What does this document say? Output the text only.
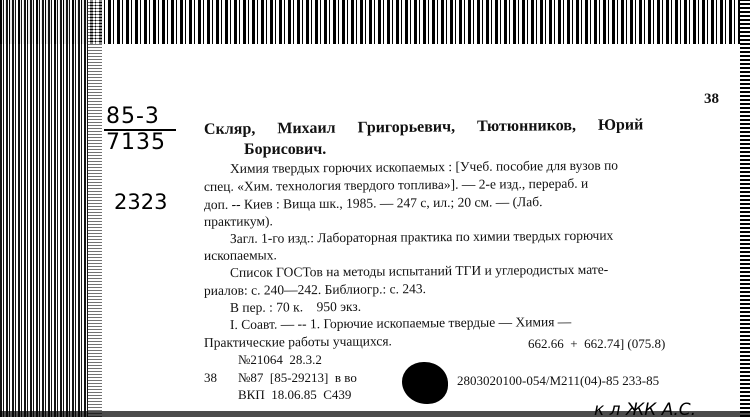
85-3
7135
2323
38
Скляр, Михаил Григорьевич, Тютюнников, Юрий
Борисович.
Химия твердых горючих ископаемых : [Учеб. пособие для вузов по
спец. «Хим. технология твердого топлива»]. — 2-е изд., перераб. и
доп. -- Киев : Вища шк., 1985. — 247 с, ил.; 20 см. — (Лаб.
практикум).
Загл. 1-го изд.: Лабораторная практика по химии твердых горючих
ископаемых.
Список ГОСТов на методы испытаний ТГИ и углеродистых мате-
риалов: с. 240—242. Библиогр.: с. 243.
В пер. : 70 к.    950 экз.
I. Соавт. — -- 1. Горючие ископаемые твердые — Химия —
Практические работы учащихся.	662.66  +  662.74] (075.8)
№21064  28.3.2
38 №87  [85-29213]  в во
ВКП  18.06.85  С439
2803020100-054/М211(04)-85 233-85
к л ЖК А.С.
